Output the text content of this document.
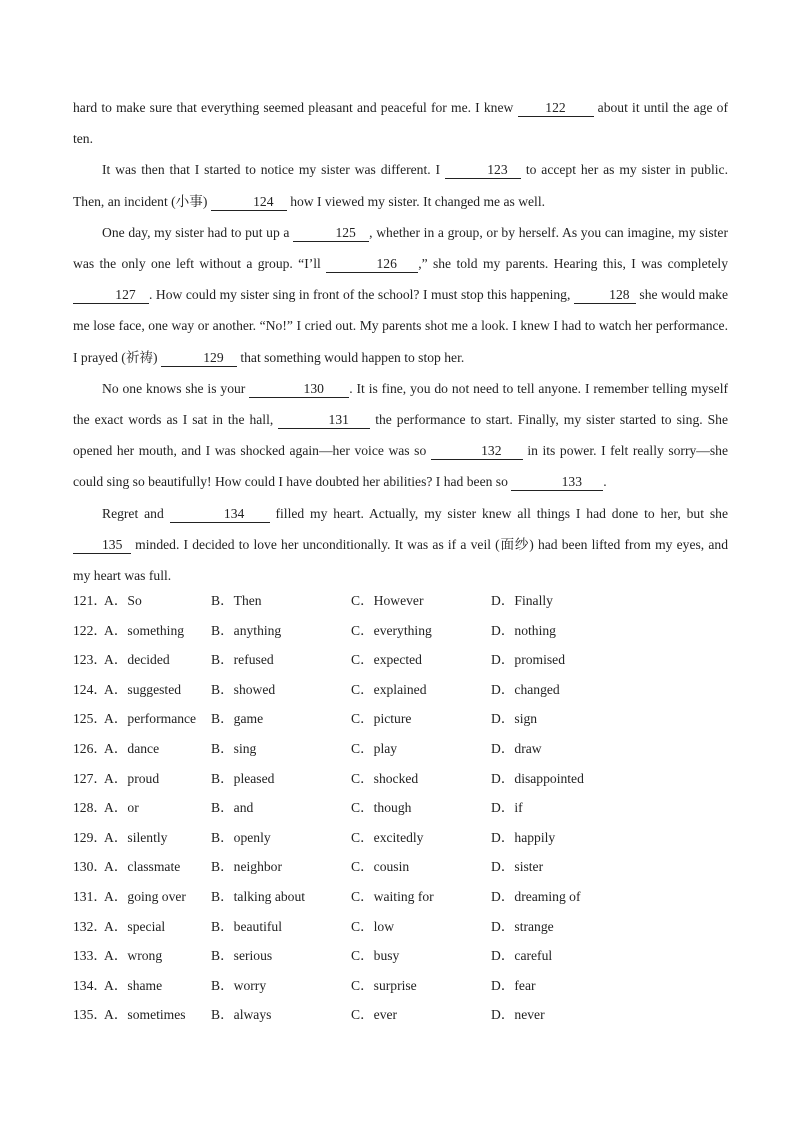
hard to make sure that everything seemed pleasant and peaceful for me. I knew 122 about it until the age of ten.

It was then that I started to notice my sister was different. I	123 to accept her as my sister in public. Then, an incident (小事)	124 how I viewed my sister. It changed me as well.

One day, my sister had to put up a	125 , whether in a group, or by herself. As you can imagine, my sister was the only one left without a group. “I’ll	126 ,” she told my parents. Hearing this, I was completely 127 . How could my sister sing in front of the school? I must stop this happening,	128 she would make me lose face, one way or another. “No!” I cried out. My parents shot me a look. I knew I had to watch her performance. I prayed (祈祷)	129 that something would happen to stop her.

No one knows she is your	130 . It is fine, you do not need to tell anyone. I remember telling myself the exact words as I sat in the hall,	131 the performance to start. Finally, my sister started to sing. She opened her mouth, and I was shocked again—her voice was so	132 in its power. I felt really sorry—she could sing so beautifully! How could I have doubted her abilities? I had been so	133 .

Regret and	134 filled my heart. Actually, my sister knew all things I had done to her, but she 135 minded. I decided to love her unconditionally. It was as if a veil (面纱) had been lifted from my eyes, and my heart was full.

121．
A．So	B．Then	C．However	D．Finally
122．
A．something B．anything	C．everything	D．nothing
123．
A．decided	B．refused	C．expected	D．promised
124．
A．suggested B．showed	C．explained	D．changed
125．
A．performance B．game	C．picture	D．sign
126．
A．dance	B．sing	C．play	D．draw
127．
A．proud	B．pleased	C．shocked	D．disappointed
128．
A．or	B．and	C．though	D．if
129．
A．silently	B．openly	C．excitedly	D．happily
130．
A．classmate B．neighbor	C．cousin	D．sister
131．
A．going over B．talking about	C．waiting for	D．dreaming of
132．
A．special	B．beautiful	C．low	D．strange
133．
A．wrong	B．serious	C．busy	D．careful
134．
A．shame	B．worry	C．surprise	D．fear
135．
A．sometimes B．always	C．ever	D．never
